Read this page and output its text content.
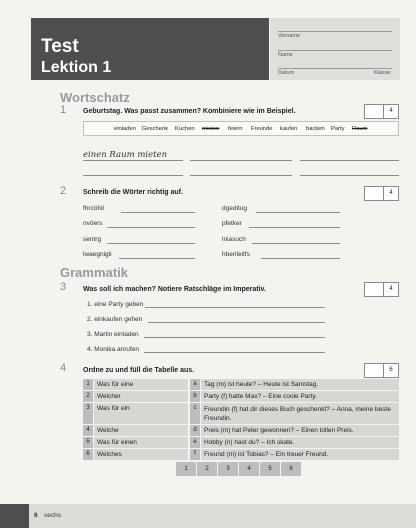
Test
Lektion 1
Vorname
Name
Datum	Klasse
Wortschatz
1 Geburtstag. Was passt zusammen? Kombiniere wie im Beispiel.	4
einladen Geschenk Kuchen mieten feiern Freunde kaufen backen Party Raum
einen Raum mieten
2 Schreib die Wörter richtig auf.	4
fhrcöhil	dgeditug
nvöers	pfetker
sentrg	lniasuch
lwaegnigli	hberileitfs
Grammatik
3 Was soll ich machen? Notiere Ratschläge im Imperativ.	4
1. eine Party geben
2. einkaufen gehen
3. Martin einladen
4. Monika anrufen
4 Ordne zu und füll die Tabelle aus.	6
1	Was für eine	a	Tag (m) ist heute? – Heute ist Samstag.
2	Welcher	b	Party (f) hatte Max? – Eine coole Party.
3	Was für ein	c	Freundin (f) hat dir dieses Buch geschenkt? – Anna, meine beste Freundin.
4	Welche	d	Preis (m) hat Peter gewonnen? – Einen tollen Preis.
5	Was für einen	e	Hobby (n) hast du? – Ich skate.
6	Welches	f	Freund (m) ist Tobias? – Ein treuer Freund.
1	2	3	4	5	6
6 sechs
